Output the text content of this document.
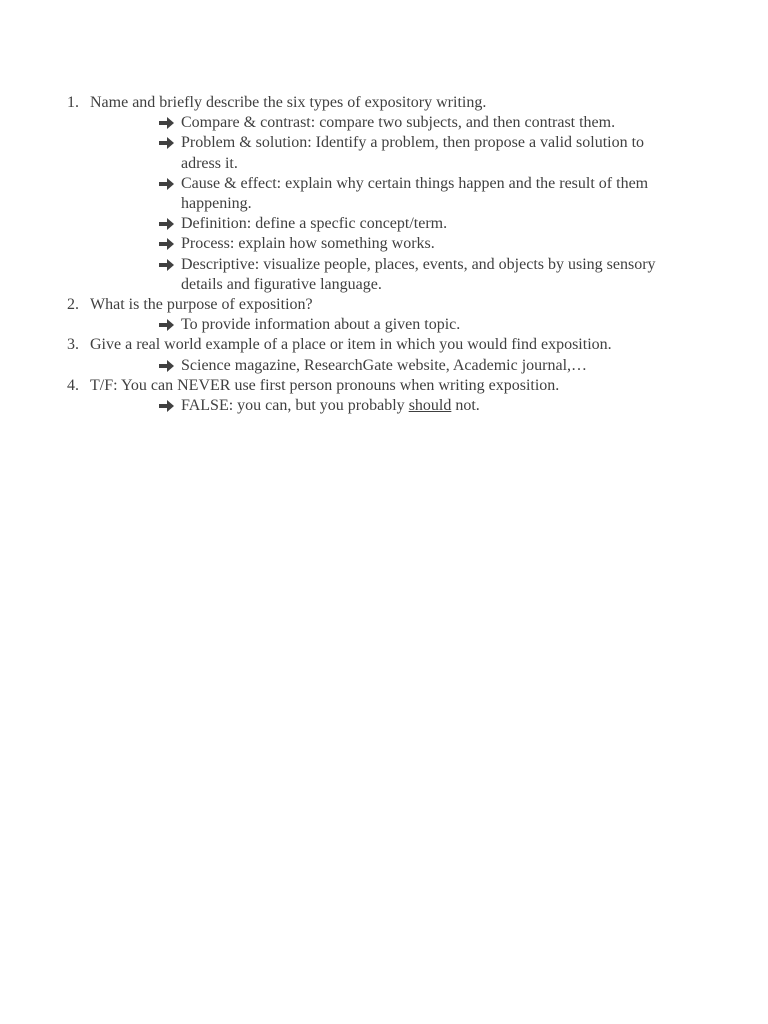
1. Name and briefly describe the six types of expository writing.
Compare & contrast: compare two subjects, and then contrast them.
Problem & solution: Identify a problem, then propose a valid solution to adress it.
Cause & effect: explain why certain things happen and the result of them happening.
Definition: define a specfic concept/term.
Process: explain how something works.
Descriptive: visualize people, places, events, and objects by using sensory details and figurative language.
2. What is the purpose of exposition?
To provide information about a given topic.
3. Give a real world example of a place or item in which you would find exposition.
Science magazine, ResearchGate website, Academic journal,…
4. T/F: You can NEVER use first person pronouns when writing exposition.
FALSE: you can, but you probably should not.
